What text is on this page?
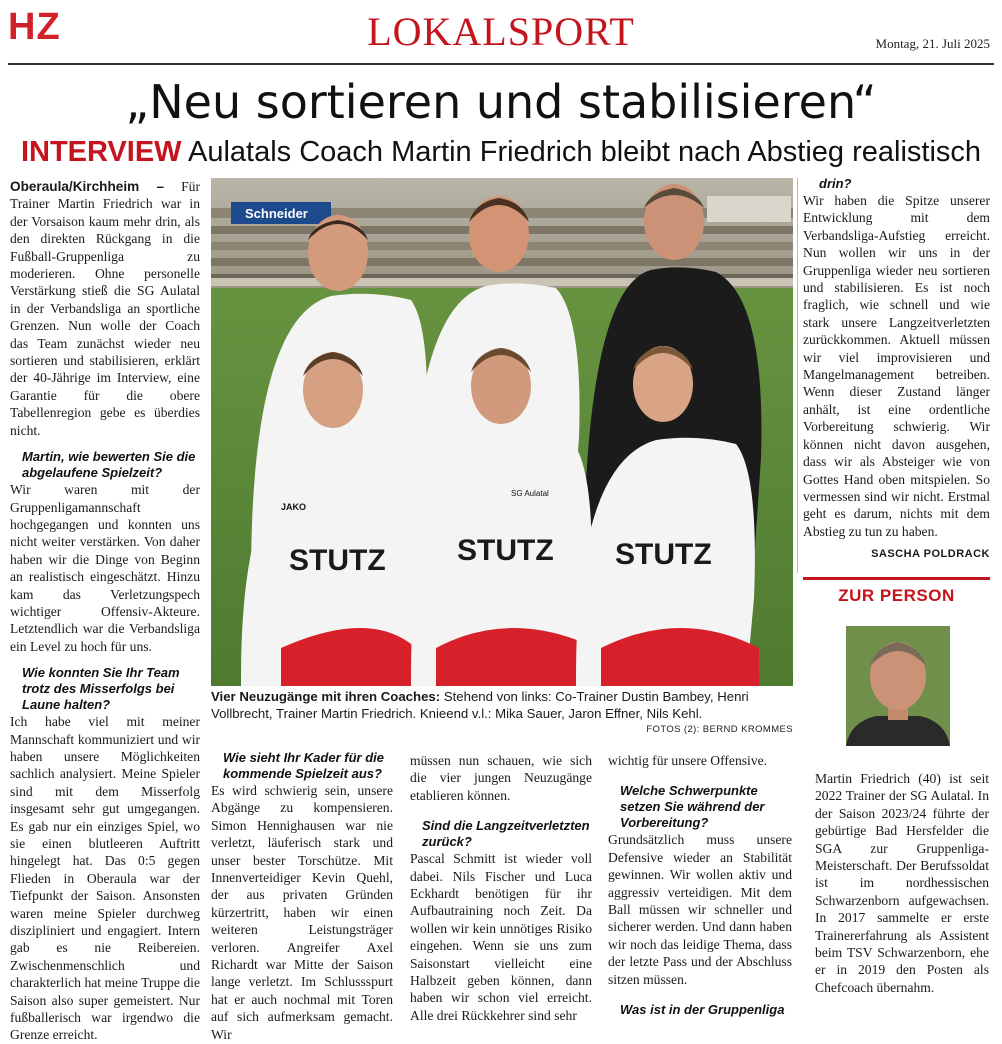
HZ	LOKALSPORT	Montag, 21. Juli 2025
„Neu sortieren und stabilisieren“
INTERVIEW Aulatals Coach Martin Friedrich bleibt nach Abstieg realistisch

Oberaula/Kirchheim – Für Trainer Martin Friedrich war in der Vorsaison kaum mehr drin, als den direkten Rückgang in die Fußball-Gruppenliga zu moderieren. Ohne personelle Verstärkung stieß die SG Aulatal in der Verbandsliga an sportliche Grenzen. Nun wolle der Coach das Team zunächst wieder neu sortieren und stabilisieren, erklärt der 40-Jährige im Interview, eine Garantie für die obere Tabellenregion gebe es überdies nicht.

Martin, wie bewerten Sie die abgelaufene Spielzeit?

Wir waren mit der Gruppenligamannschaft hochgegangen und konnten uns nicht weiter verstärken. Von daher haben wir die Dinge von Beginn an realistisch eingeschätzt. Hinzu kam das Verletzungspech wichtiger Offensiv-Akteure. Letztendlich war die Verbandsliga ein Level zu hoch für uns.

Wie konnten Sie Ihr Team trotz des Misserfolgs bei Laune halten?

Ich habe viel mit meiner Mannschaft kommuniziert und wir haben unsere Möglichkeiten sachlich analysiert. Meine Spieler sind mit dem Misserfolg insgesamt sehr gut umgegangen. Es gab nur ein einziges Spiel, wo sie einen blutleeren Auftritt hingelegt hat. Das 0:5 gegen Flieden in Oberaula war der Tiefpunkt der Saison. Ansonsten waren meine Spieler durchweg diszipliniert und engagiert. Intern gab es nie Reibereien. Zwischenmenschlich und charakterlich hat meine Truppe die Saison also super gemeistert. Nur fußballerisch war irgendwo die Grenze erreicht.

Schneider
STUTZ
JAKO
STUTZ
SG Aulatal
STUTZ
Vier Neuzugänge mit ihren Coaches: Stehend von links: Co-Trainer Dustin Bambey, Henri Vollbrecht, Trainer Martin Friedrich. Knieend v.l.: Mika Sauer, Jaron Effner, Nils Kehl.
FOTOS (2): BERND KROMMES

Wie sieht Ihr Kader für die kommende Spielzeit aus?

Es wird schwierig sein, unsere Abgänge zu kompensieren. Simon Hennighausen war nie verletzt, läuferisch stark und unser bester Torschütze. Mit Innenverteidiger Kevin Quehl, der aus privaten Gründen kürzertritt, haben wir einen weiteren Leistungsträger verloren. Angreifer Axel Richardt war Mitte der Saison lange verletzt. Im Schlussspurt hat er auch nochmal mit Toren auf sich aufmerksam gemacht. Wir

müssen nun schauen, wie sich die vier jungen Neuzugänge etablieren können.

Sind die Langzeitverletzten zurück?

Pascal Schmitt ist wieder voll dabei. Nils Fischer und Luca Eckhardt benötigen für ihr Aufbautraining noch Zeit. Da wollen wir kein unnötiges Risiko eingehen. Wenn sie uns zum Saisonstart vielleicht eine Halbzeit geben können, dann haben wir schon viel erreicht. Alle drei Rückkehrer sind sehr

wichtig für unsere Offensive.

Welche Schwerpunkte setzen Sie während der Vorbereitung?

Grundsätzlich muss unsere Defensive wieder an Stabilität gewinnen. Wir wollen aktiv und aggressiv verteidigen. Mit dem Ball müssen wir schneller und sicherer werden. Und dann haben wir noch das leidige Thema, dass der letzte Pass und der Abschluss sitzen müssen.

Was ist in der Gruppenliga

drin?

Wir haben die Spitze unserer Entwicklung mit dem Verbandsliga-Aufstieg erreicht. Nun wollen wir uns in der Gruppenliga wieder neu sortieren und stabilisieren. Es ist noch fraglich, wie schnell und wie stark unsere Langzeitverletzten zurückkommen. Aktuell müssen wir viel improvisieren und Mangelmanagement betreiben. Wenn dieser Zustand länger anhält, ist eine ordentliche Vorbereitung schwierig. Wir können nicht davon ausgehen, dass wir als Absteiger wie von Gottes Hand oben mitspielen. So vermessen sind wir nicht. Erstmal geht es darum, nichts mit dem Abstieg zu tun zu haben.

SASCHA POLDRACK

ZUR PERSON
Martin Friedrich (40) ist seit 2022 Trainer der SG Aulatal. In der Saison 2023/24 führte der gebürtige Bad Hersfelder die SGA zur Gruppenliga-Meisterschaft. Der Berufssoldat ist im nordhessischen Schwarzenborn aufgewachsen. In 2017 sammelte er erste Trainererfahrung als Assistent beim TSV Schwarzenborn, ehe er in 2019 den Posten als Chefcoach übernahm.
